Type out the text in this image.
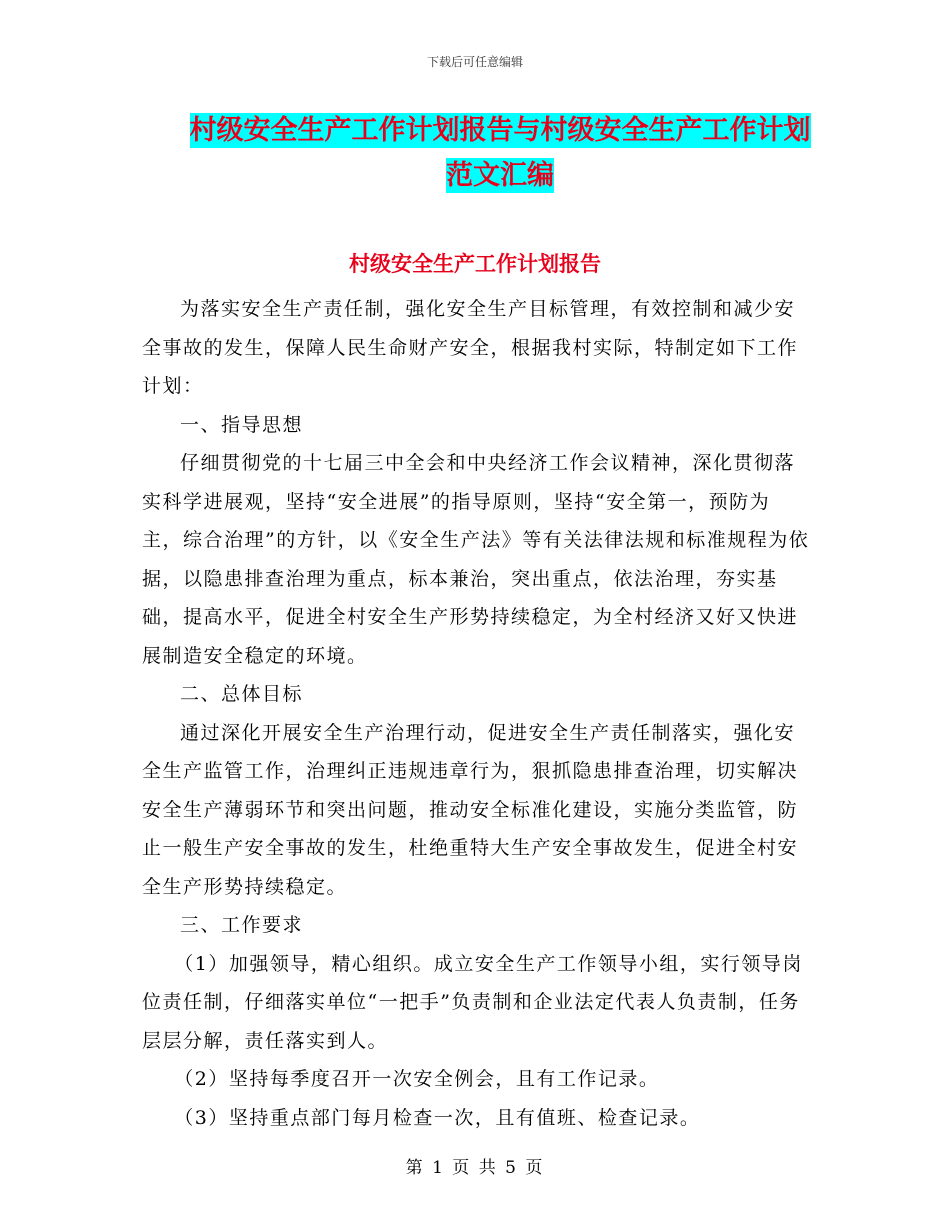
下载后可任意编辑
村级安全生产工作计划报告与村级安全生产工作计划
范文汇编
村级安全生产工作计划报告

为落实安全生产责任制，强化安全生产目标管理，有效控制和减少安全事故的发生，保障人民生命财产安全，根据我村实际，特制定如下工作计划：

一、指导思想

仔细贯彻党的十七届三中全会和中央经济工作会议精神，深化贯彻落实科学进展观，坚持“安全进展”的指导原则，坚持“安全第一，预防为主，综合治理”的方针，以《安全生产法》等有关法律法规和标准规程为依据，以隐患排查治理为重点，标本兼治，突出重点，依法治理，夯实基础，提高水平，促进全村安全生产形势持续稳定，为全村经济又好又快进展制造安全稳定的环境。

二、总体目标

通过深化开展安全生产治理行动，促进安全生产责任制落实，强化安全生产监管工作，治理纠正违规违章行为，狠抓隐患排查治理，切实解决安全生产薄弱环节和突出问题，推动安全标准化建设，实施分类监管，防止一般生产安全事故的发生，杜绝重特大生产安全事故发生，促进全村安全生产形势持续稳定。

三、工作要求

（1）加强领导，精心组织。成立安全生产工作领导小组，实行领导岗位责任制，仔细落实单位“一把手”负责制和企业法定代表人负责制，任务层层分解，责任落实到人。

（2）坚持每季度召开一次安全例会，且有工作记录。

（3）坚持重点部门每月检查一次，且有值班、检查记录。

第 1 页 共 5 页
